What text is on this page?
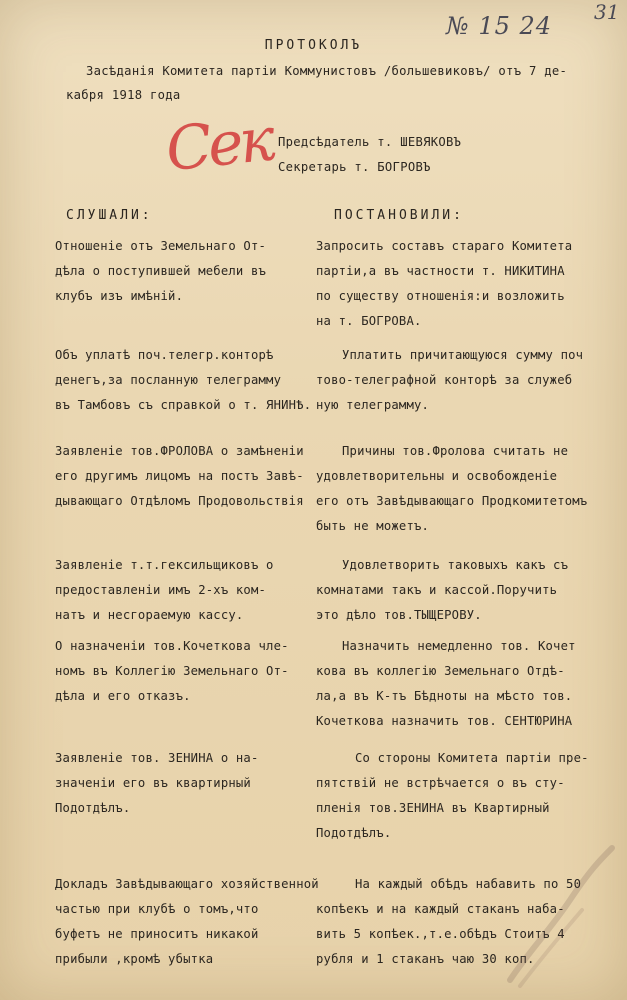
№ 15 24 31
Сек
ПРОТОКОЛЪ
Засѣданія Комитета партіи Коммунистовъ /большевиковъ/ отъ 7 де-
кабря 1918 года
Предсѣдатель т. ШЕВЯКОВЪ
Секретарь т. БОГРОВЪ
СЛУШАЛИ:	ПОСТАНОВИЛИ:
Отношеніе отъ Земельнаго От-
дѣла о поступившей мебели въ
клубъ изъ имѣній.
Запросить составъ стараго Комитета
партіи,а въ частности т. НИКИТИНА
по существу отношенія:и возложить
на т. БОГРОВА.
Объ уплатѣ поч.телегр.конторѣ
денегъ,за посланную телеграмму
въ Тамбовъ съ справкой о т. ЯНИНѢ.
Уплатить причитающуюся сумму поч
тово-телеграфной конторѣ за служеб
ную телеграмму.
Заявленіе тов.ФРОЛОВА о замѣненіи
его другимъ лицомъ на постъ Завѣ-
дывающаго Отдѣломъ Продовольствія
Причины тов.Фролова считать не
удовлетворительны и освобожденіе
его отъ Завѣдывающаго Продкомитетомъ
быть не можетъ.
Заявленіе т.т.гексильщиковъ о
предоставленіи имъ 2-хъ ком-
натъ и несгораемую кассу.
Удовлетворить таковыхъ какъ съ
комнатами такъ и кассой.Поручить
это дѣло тов.ТЫЩЕРОВУ.
О назначеніи тов.Кочеткова чле-
номъ въ Коллегію Земельнаго От-
дѣла и его отказъ.
Назначить немедленно тов. Кочет
кова въ коллегію Земельнаго Отдѣ-
ла,а въ К-тъ Бѣдноты на мѣсто тов.
Кочеткова назначить тов. СЕНТЮРИНА
Заявленіе тов. ЗЕНИНА о на-
значеніи его въ квартирный
Подотдѣлъ.
Со стороны Комитета партіи пре-
пятствій не встрѣчается о въ сту-
пленія тов.ЗЕНИНА въ Квартирный
Подотдѣлъ.
Докладъ Завѣдывающаго хозяйственной
частью при клубѣ о томъ,что
буфетъ не приноситъ никакой
прибыли ,кромѣ убытка
На каждый обѣдъ набавить по 50
копѣекъ и на каждый стаканъ наба-
вить 5 копѣек.,т.е.обѣдъ Стоитъ 4
рубля и 1 стаканъ чаю 30 коп.
